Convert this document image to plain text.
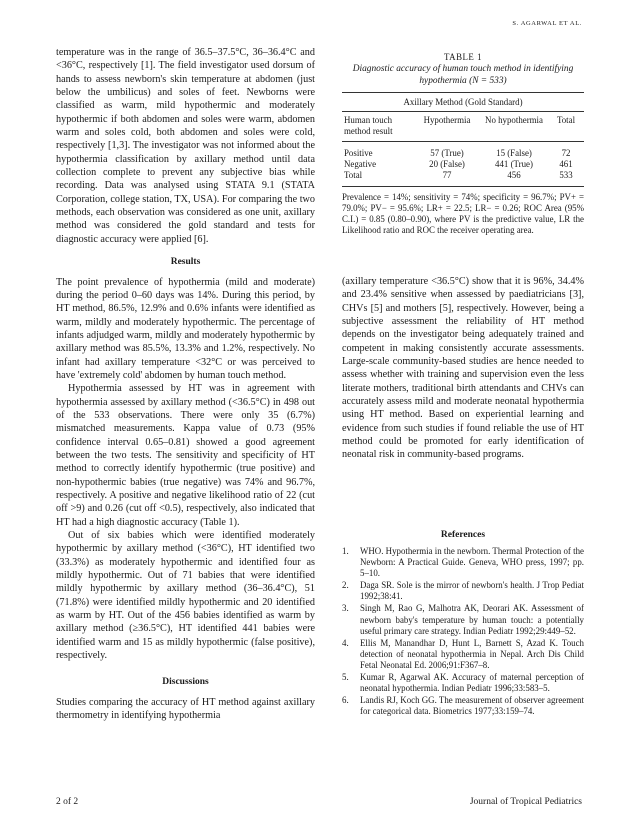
S. AGARWAL ET AL.

temperature was in the range of 36.5–37.5°C, 36–36.4°C and <36°C, respectively [1]. The field investigator used dorsum of hands to assess newborn's skin temperature at abdomen (just below the umbilicus) and soles of feet. Newborns were classified as warm, mild hypothermic and moderately hypothermic if both abdomen and soles were warm, abdomen warm and soles cold, both abdomen and soles were cold, respectively [1,3]. The investigator was not informed about the hypothermia classification by axillary method until data collection complete to prevent any subjective bias while recording. Data was analysed using STATA 9.1 (STATA Corporation, college station, TX, USA). For comparing the two methods, each observation was considered as one unit, axillary method was considered the gold standard and tests for diagnostic accuracy were applied [6].

Results

The point prevalence of hypothermia (mild and moderate) during the period 0–60 days was 14%. During this period, by HT method, 86.5%, 12.9% and 0.6% infants were identified as warm, mildly and moderately hypothermic. The percentage of infants adjudged warm, mildly and moderately hypothermic by axillary method was 85.5%, 13.3% and 1.2%, respectively. No infant had axillary temperature <32°C or was perceived to have 'extremely cold' abdomen by human touch method.

Hypothermia assessed by HT was in agreement with hypothermia assessed by axillary method (<36.5°C) in 498 out of the 533 observations. There were only 35 (6.7%) mismatched measurements. Kappa value of 0.73 (95% confidence interval 0.65–0.81) showed a good agreement between the two tests. The sensitivity and specificity of HT method to correctly identify hypothermic (true positive) and non-hypothermic babies (true negative) was 74% and 96.7%, respectively. A positive and negative likelihood ratio of 22 (cut off >9) and 0.26 (cut off <0.5), respectively, also indicated that HT had a high diagnostic accuracy (Table 1).

Out of six babies which were identified moderately hypothermic by axillary method (<36°C), HT identified two (33.3%) as moderately hypothermic and identified four as mildly hypothermic. Out of 71 babies that were identified mildly hypothermic by axillary method (36–36.4°C), 51 (71.8%) were identified mildly hypothermic and 20 identified as warm by HT. Out of the 456 babies identified as warm by axillary method (≥36.5°C), HT identified 441 babies were identified warm and 15 as mildly hypothermic (false positive), respectively.

Discussions

Studies comparing the accuracy of HT method against axillary thermometry in identifying hypothermia

TABLE 1
Diagnostic accuracy of human touch method in identifying hypothermia (N = 533)
Axillary Method (Gold Standard)
Human touch method result	Hypothermia	No hypothermia	Total
Positive	57 (True)	15 (False)	72
Negative	20 (False)	441 (True)	461
Total	77	456	533
Prevalence = 14%; sensitivity = 74%; specificity = 96.7%; PV+ = 79.0%; PV− = 95.6%; LR+ = 22.5; LR− = 0.26; ROC Area (95% C.I.) = 0.85 (0.80–0.90), where PV is the predictive value, LR the Likelihood ratio and ROC the receiver operating area.

(axillary temperature <36.5°C) show that it is 96%, 34.4% and 23.4% sensitive when assessed by paediatricians [3], CHVs [5] and mothers [5], respectively. However, being a subjective assessment the reliability of HT method depends on the investigator being adequately trained and competent in making consistently accurate assessments. Large-scale community-based studies are hence needed to assess whether with training and supervision even the less literate mothers, traditional birth attendants and CHVs can accurately assess mild and moderate neonatal hypothermia using HT method. Based on experiential learning and evidence from such studies if found reliable the use of HT method could be promoted for early identification of neonatal risk in community-based programs.

References
1. WHO. Hypothermia in the newborn. Thermal Protection of the Newborn: A Practical Guide. Geneva, WHO press, 1997; pp. 5–10.
2. Daga SR. Sole is the mirror of newborn's health. J Trop Pediat 1992;38:41.
3. Singh M, Rao G, Malhotra AK, Deorari AK. Assessment of newborn baby's temperature by human touch: a potentially useful primary care strategy. Indian Pediatr 1992;29:449–52.
4. Ellis M, Manandhar D, Hunt L, Barnett S, Azad K. Touch detection of neonatal hypothermia in Nepal. Arch Dis Child Fetal Neonatal Ed. 2006;91:F367–8.
5. Kumar R, Agarwal AK. Accuracy of maternal perception of neonatal hypothermia. Indian Pediatr 1996;33:583–5.
6. Landis RJ, Koch GG. The measurement of observer agreement for categorical data. Biometrics 1977;33:159–74.
2 of 2	Journal of Tropical Pediatrics
